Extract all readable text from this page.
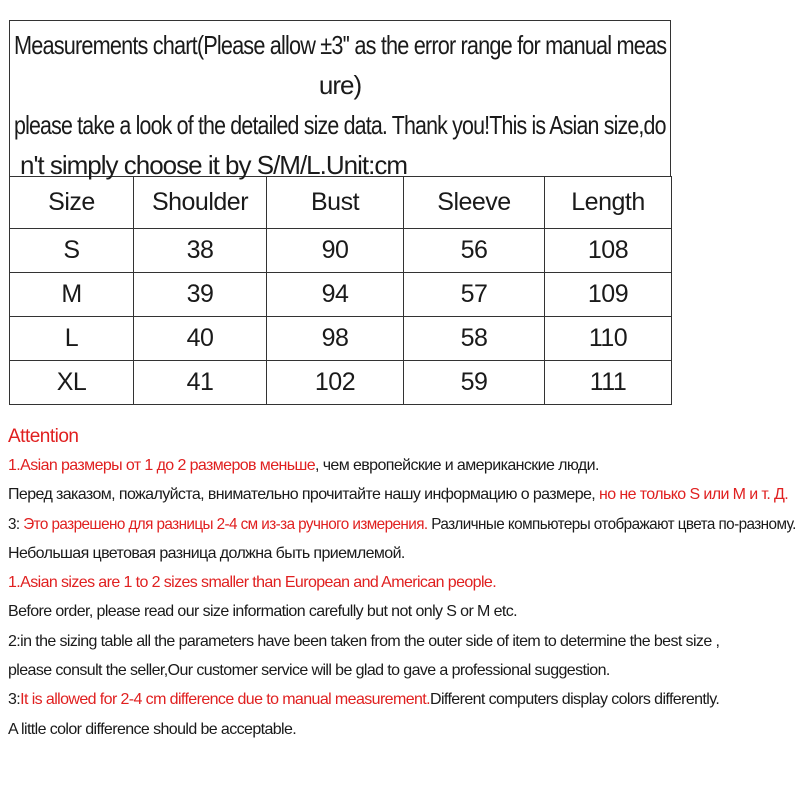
Measurements chart(Please allow ±3'' as the error range for manual meas
ure)
please take a look of the detailed size data. Thank you!This is Asian size,do
n't simply choose it by S/M/L.Unit:cm
Size	Shoulder	Bust	Sleeve	Length
S	38	90	56	108
M	39	94	57	109
L	40	98	58	110
XL	41	102	59	111
Attention
1.Asian размеры от 1 до 2 размеров меньше, чем европейские и американские люди.
Перед заказом, пожалуйста, внимательно прочитайте нашу информацию о размере, но не только S или M и т. Д.
3: Это разрешено для разницы 2-4 см из-за ручного измерения. Различные компьютеры отображают цвета по-разному.
Небольшая цветовая разница должна быть приемлемой.
1.Asian sizes are 1 to 2 sizes smaller than European and American people.
Before order, please read our size information carefully but not only S or M etc.
2:in the sizing table all the parameters have been taken from the outer side of item to determine the best size ,
please consult the seller,Our customer service will be glad to gave a professional suggestion.
3:It is allowed for 2-4 cm difference due to manual measurement.Different computers display colors differently.
A little color difference should be acceptable.
